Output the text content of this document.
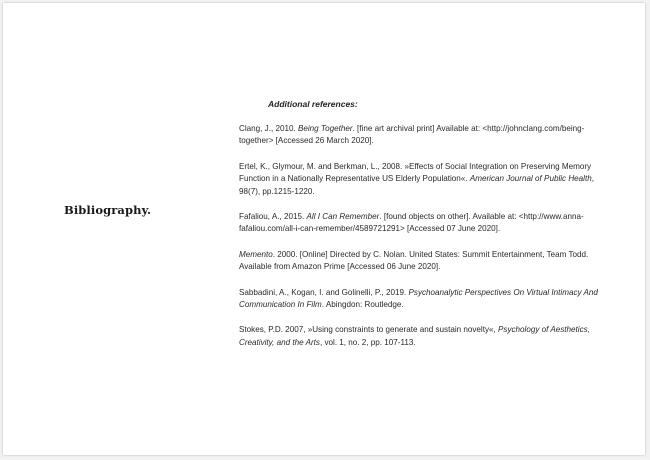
Bibliography.
Additional references:

Clang, J., 2010. Being Together. [fine art archival print] Available at: <http://johnclang.com/being-together> [Accessed 26 March 2020].

Ertel, K., Glymour, M. and Berkman, L., 2008. »Effects of Social Integration on Preserving Memory Function in a Nationally Representative US Elderly Population«. American Journal of Public Health, 98(7), pp.1215-1220.

Fafaliou, A., 2015. All I Can Remember. [found objects on other]. Available at: <http://www.anna-fafaliou.com/all-i-can-remember/4589721291> [Accessed 07 June 2020].

Memento. 2000. [Online] Directed by C. Nolan. United States: Summit Entertainment, Team Todd. Available from Amazon Prime [Accessed 06 June 2020].

Sabbadini, A., Kogan, I. and Golinelli, P., 2019. Psychoanalytic Perspectives On Virtual Intimacy And Communication In Film. Abingdon: Routledge.

Stokes, P.D. 2007, »Using constraints to generate and sustain novelty«, Psychology of Aesthetics, Creativity, and the Arts, vol. 1, no. 2, pp. 107-113.
